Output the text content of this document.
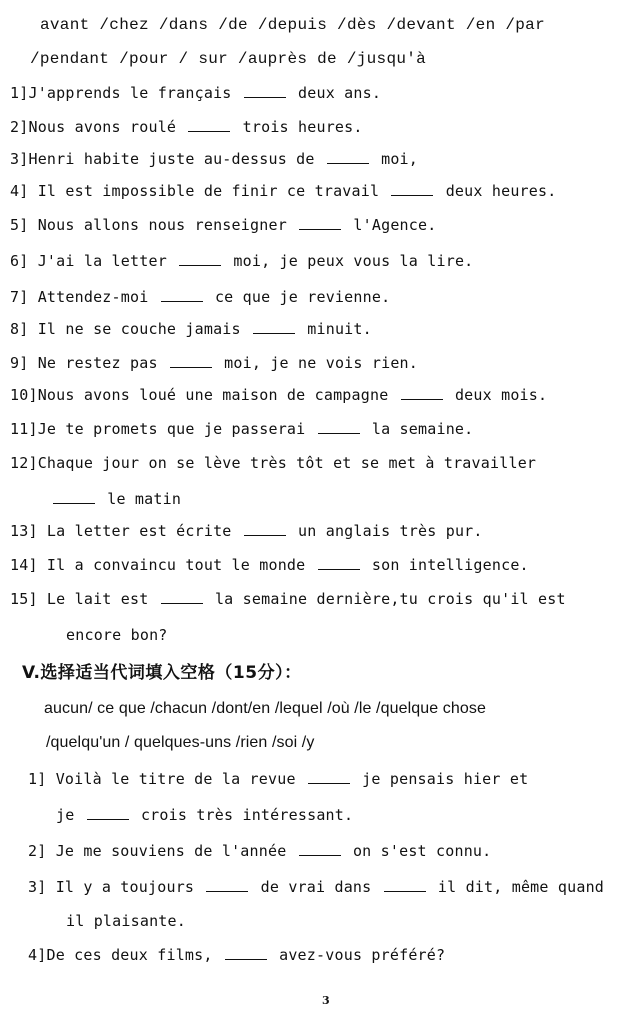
avant /chez /dans /de /depuis /dès /devant /en /par
/pendant /pour / sur /auprès de /jusqu'à
1]J'apprends le français	deux ans.
2]Nous avons roulé	trois heures.
3]Henri habite juste au-dessus de	moi,
4] Il est impossible de finir ce travail	deux heures.
5] Nous allons nous renseigner	l'Agence.
6] J'ai la letter	moi, je peux vous la lire.
7] Attendez-moi	ce que je revienne.
8] Il ne se couche jamais	minuit.
9] Ne restez pas	moi, je ne vois rien.
10]Nous avons loué une maison de campagne	deux mois.
11]Je te promets que je passerai	la semaine.
12]Chaque jour on se lève très tôt et se met à travailler
le matin
13] La letter est écrite	un anglais très pur.
14] Il a convaincu tout le monde	son intelligence.
15] Le lait est	la semaine dernière,tu crois qu'il est
encore bon?
V.选择适当代词填入空格（15分）：
aucun/ ce que /chacun /dont/en /lequel /où /le /quelque chose
/quelqu'un / quelques-uns /rien /soi /y
1] Voilà le titre de la revue	je pensais hier et
je	crois très intéressant.
2] Je me souviens de l'année	on s'est connu.
3] Il y a toujours	de vrai dans	il dit, même quand
il plaisante.
4]De ces deux films,	avez-vous préféré?
3
